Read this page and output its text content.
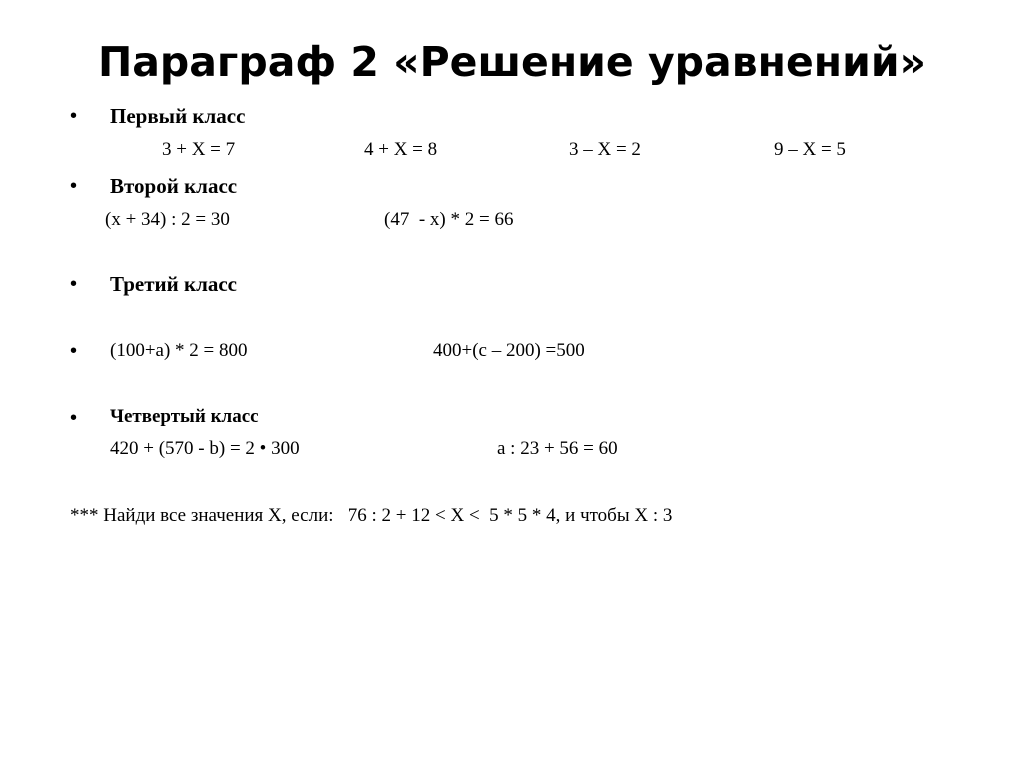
Параграф 2 «Решение уравнений»
• Первый класс
3 + X = 7	4 + X = 8	3 – X = 2	9 – X = 5
• Второй класс
(x + 34) : 2 = 30	(47  - x) * 2 = 66
• Третий класс
• (100+a) * 2 = 800	400+(c – 200) =500
• Четвертый класс
420 + (570 - b) = 2 • 300	a : 23 + 56 = 60
*** Найди все значения Х, если:   76 : 2 + 12 < X <  5 * 5 * 4, и чтобы Х : 3
